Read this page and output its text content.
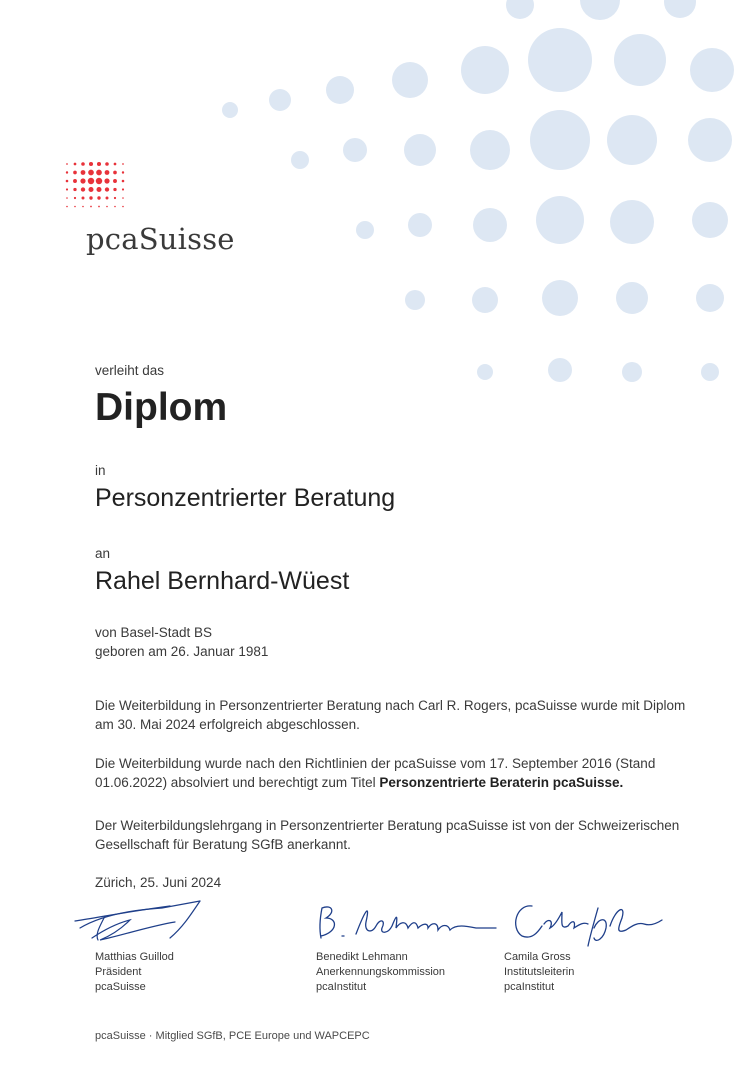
pcaSuisse
verleiht das
Diplom
in
Personzentrierter Beratung
an
Rahel Bernhard-Wüest
von Basel-Stadt BS
geboren am 26. Januar 1981
Die Weiterbildung in Personzentrierter Beratung nach Carl R. Rogers, pcaSuisse wurde mit Diplom am 30. Mai 2024 erfolgreich abgeschlossen.
Die Weiterbildung wurde nach den Richtlinien der pcaSuisse vom 17. September 2016 (Stand 01.06.2022) absolviert und berechtigt zum Titel Personzentrierte Beraterin pcaSuisse.
Der Weiterbildungslehrgang in Personzentrierter Beratung pcaSuisse ist von der Schweizerischen Gesellschaft für Beratung SGfB anerkannt.
Zürich, 25. Juni 2024
Matthias Guillod
Präsident
pcaSuisse
Benedikt Lehmann
Anerkennungskommission
pcaInstitut
Camila Gross
Institutsleiterin
pcaInstitut
pcaSuisse · Mitglied SGfB, PCE Europe und WAPCEPC
